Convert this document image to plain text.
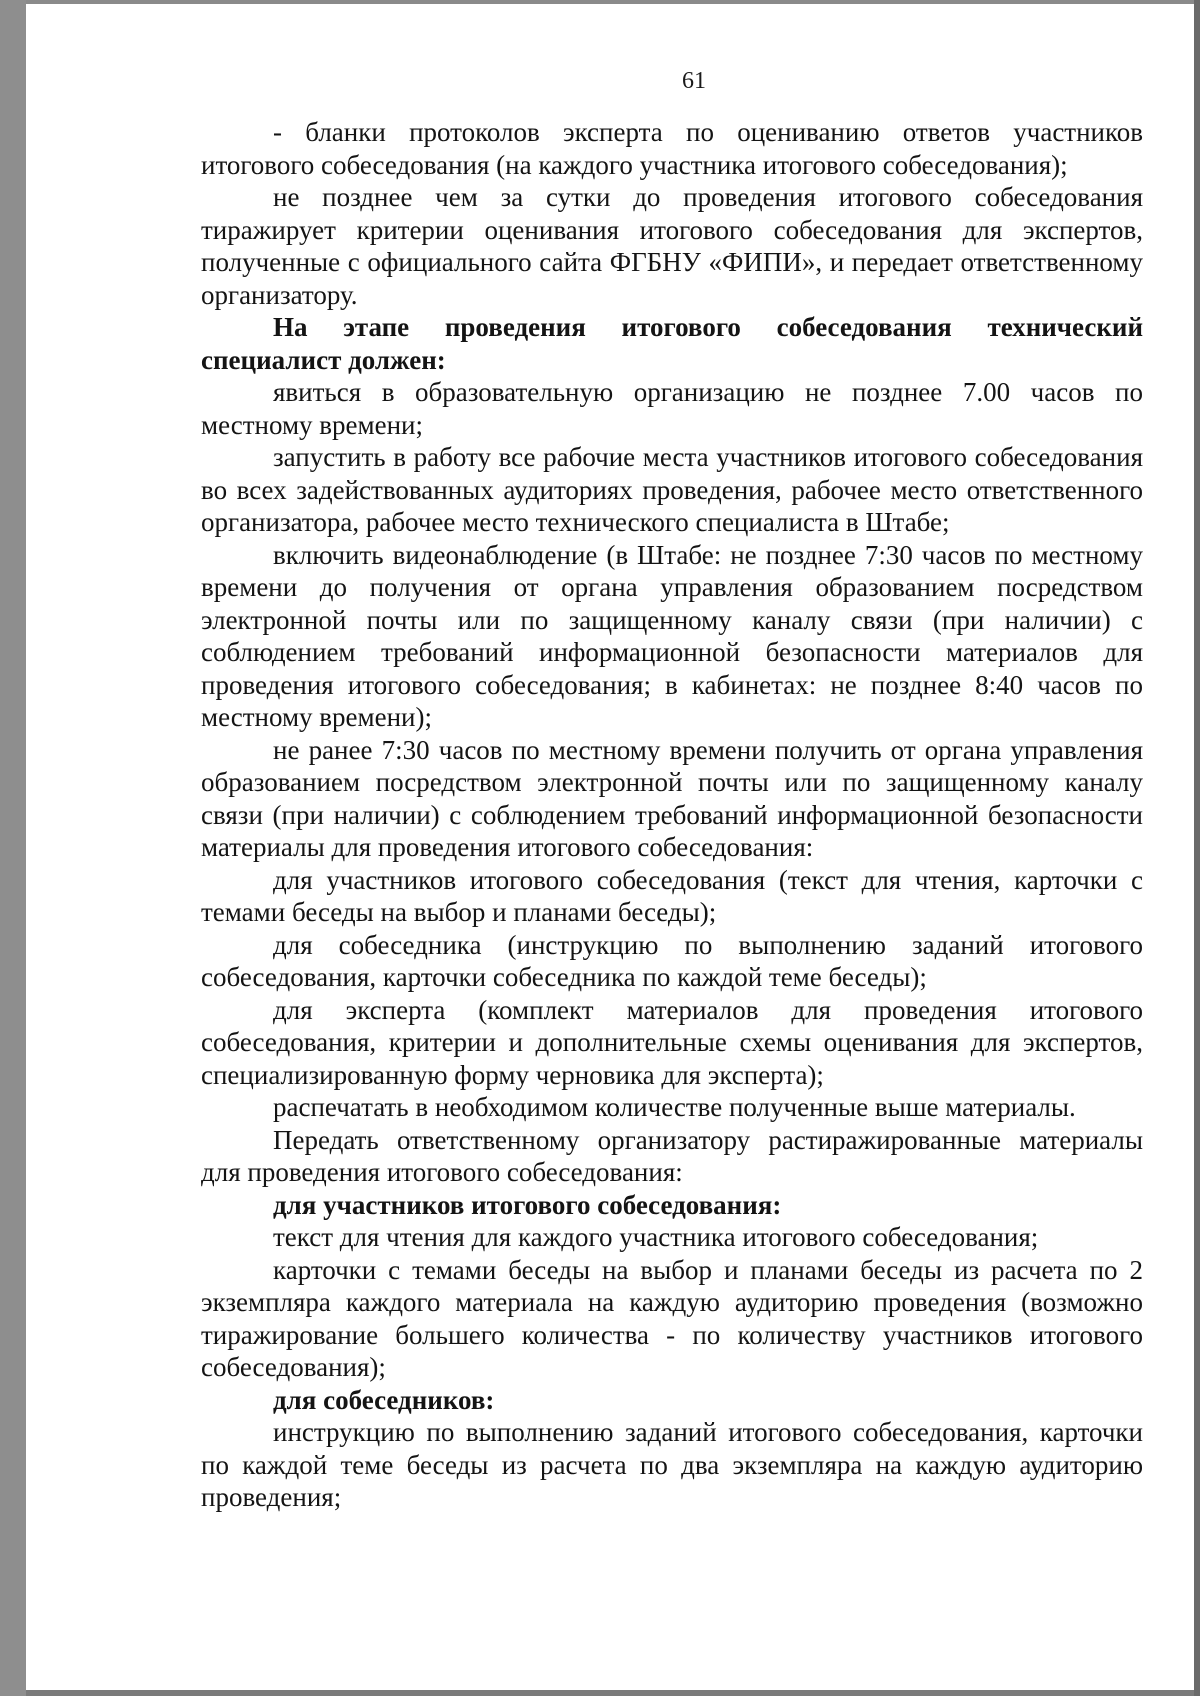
61

- бланки протоколов эксперта по оцениванию ответов участников итогового собеседования (на каждого участника итогового собеседования);

не позднее чем за сутки до проведения итогового собеседования тиражирует критерии оценивания итогового собеседования для экспертов, полученные с официального сайта ФГБНУ «ФИПИ», и передает ответственному организатору.

На этапе проведения итогового собеседования технический специалист должен:

явиться в образовательную организацию не позднее 7.00 часов по местному времени;

запустить в работу все рабочие места участников итогового собеседования во всех задействованных аудиториях проведения, рабочее место ответственного организатора, рабочее место технического специалиста в Штабе;

включить видеонаблюдение (в Штабе: не позднее 7:30 часов по местному времени до получения от органа управления образованием посредством электронной почты или по защищенному каналу связи (при наличии) с соблюдением требований информационной безопасности материалов для проведения итогового собеседования; в кабинетах: не позднее 8:40 часов по местному времени);

не ранее 7:30 часов по местному времени получить от органа управления образованием посредством электронной почты или по защищенному каналу связи (при наличии) с соблюдением требований информационной безопасности материалы для проведения итогового собеседования:

для участников итогового собеседования (текст для чтения, карточки с темами беседы на выбор и планами беседы);

для собеседника (инструкцию по выполнению заданий итогового собеседования, карточки собеседника по каждой теме беседы);

для эксперта (комплект материалов для проведения итогового собеседования, критерии и дополнительные схемы оценивания для экспертов, специализированную форму черновика для эксперта);

распечатать в необходимом количестве полученные выше материалы.

Передать ответственному организатору растиражированные материалы для проведения итогового собеседования:

для участников итогового собеседования:

текст для чтения для каждого участника итогового собеседования;

карточки с темами беседы на выбор и планами беседы из расчета по 2 экземпляра каждого материала на каждую аудиторию проведения (возможно тиражирование большего количества - по количеству участников итогового собеседования);

для собеседников:

инструкцию по выполнению заданий итогового собеседования, карточки по каждой теме беседы из расчета по два экземпляра на каждую аудиторию проведения;
